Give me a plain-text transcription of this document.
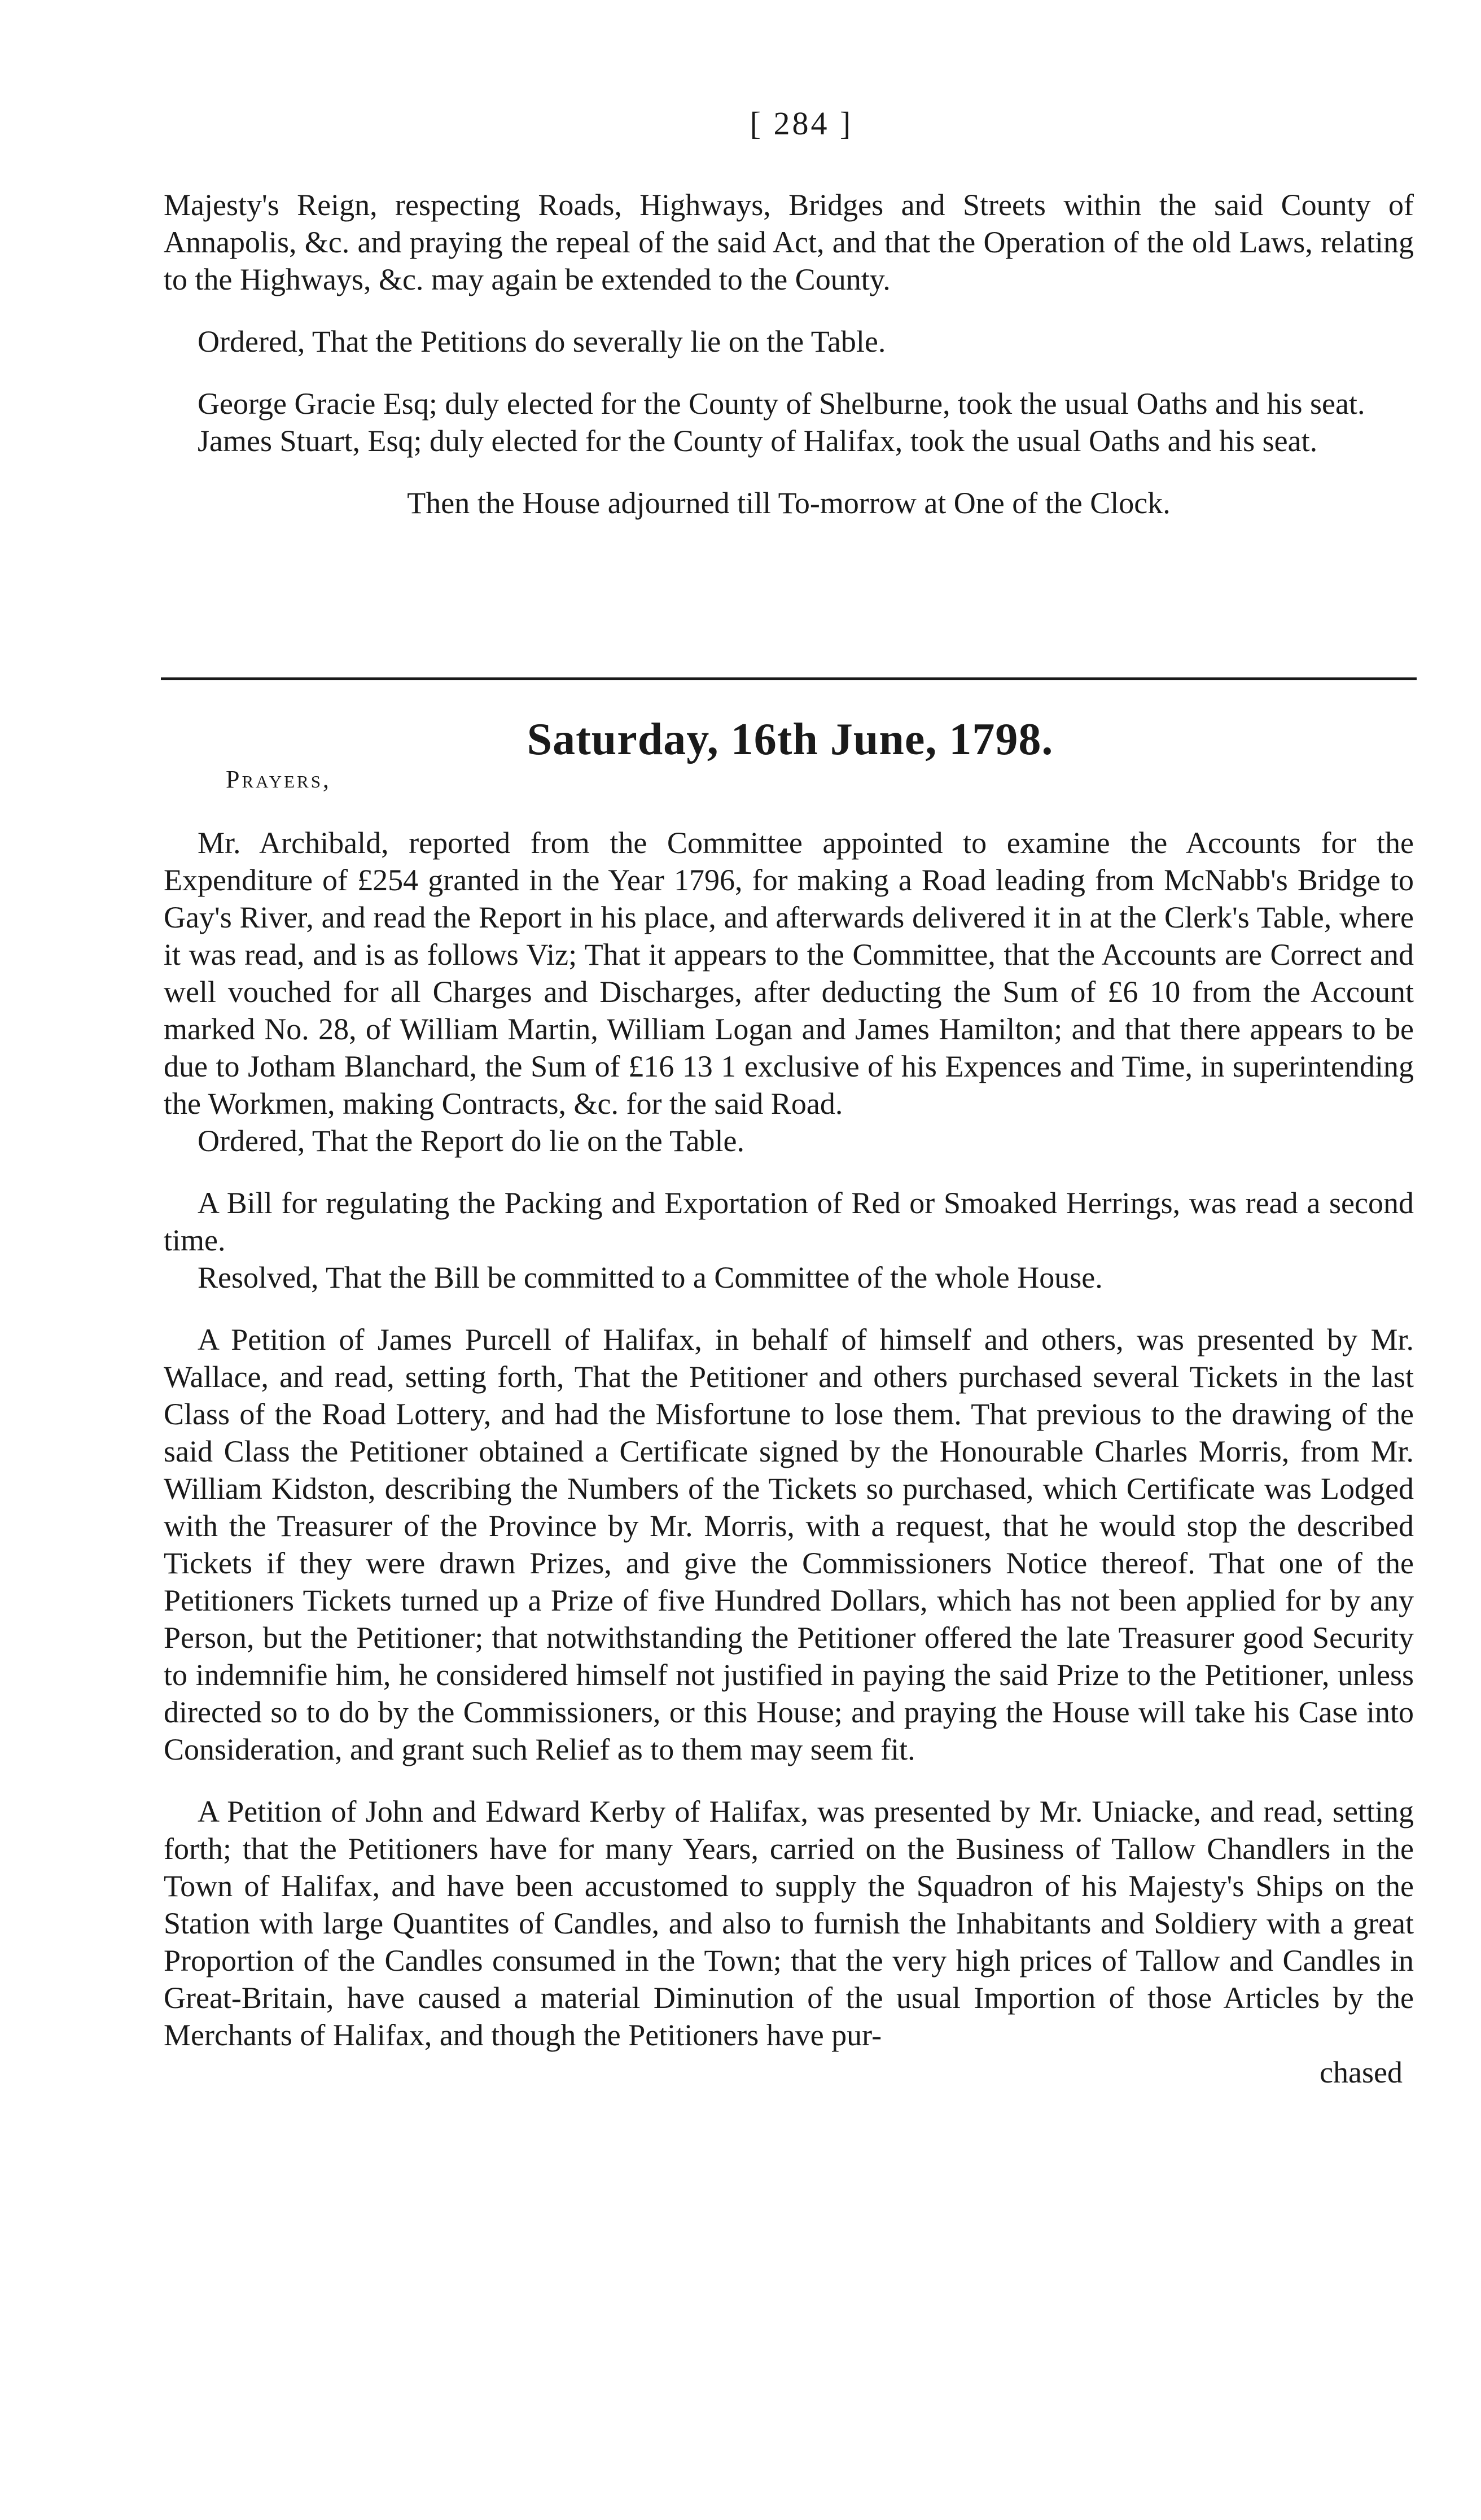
[ 284 ]

Majesty's Reign, respecting Roads, Highways, Bridges and Streets within the said County of Annapolis, &c. and praying the repeal of the said Act, and that the Operation of the old Laws, relating to the Highways, &c. may again be extended to the County.

Ordered, That the Petitions do severally lie on the Table.

George Gracie Esq; duly elected for the County of Shelburne, took the usual Oaths and his seat.

James Stuart, Esq; duly elected for the County of Halifax, took the usual Oaths and his seat.

Then the House adjourned till To-morrow at One of the Clock.

Saturday, 16th June, 1798.
Prayers,

Mr. Archibald, reported from the Committee appointed to examine the Accounts for the Expenditure of £254 granted in the Year 1796, for making a Road leading from McNabb's Bridge to Gay's River, and read the Report in his place, and afterwards delivered it in at the Clerk's Table, where it was read, and is as follows Viz; That it appears to the Committee, that the Accounts are Correct and well vouched for all Charges and Discharges, after deducting the Sum of £6 10 from the Account marked No. 28, of William Martin, William Logan and James Hamilton; and that there appears to be due to Jotham Blanchard, the Sum of £16 13 1 exclusive of his Expences and Time, in superintending the Workmen, making Contracts, &c. for the said Road.

Ordered, That the Report do lie on the Table.

A Bill for regulating the Packing and Exportation of Red or Smoaked Herrings, was read a second time.

Resolved, That the Bill be committed to a Committee of the whole House.

A Petition of James Purcell of Halifax, in behalf of himself and others, was presented by Mr. Wallace, and read, setting forth, That the Petitioner and others purchased several Tickets in the last Class of the Road Lottery, and had the Misfortune to lose them. That previous to the drawing of the said Class the Petitioner obtained a Certificate signed by the Honourable Charles Morris, from Mr. William Kidston, describing the Numbers of the Tickets so purchased, which Certificate was Lodged with the Treasurer of the Province by Mr. Morris, with a request, that he would stop the described Tickets if they were drawn Prizes, and give the Commissioners Notice thereof. That one of the Petitioners Tickets turned up a Prize of five Hundred Dollars, which has not been applied for by any Person, but the Petitioner; that notwithstanding the Petitioner offered the late Treasurer good Security to indemnifie him, he considered himself not justified in paying the said Prize to the Petitioner, unless directed so to do by the Commissioners, or this House; and praying the House will take his Case into Consideration, and grant such Relief as to them may seem fit.

A Petition of John and Edward Kerby of Halifax, was presented by Mr. Uniacke, and read, setting forth; that the Petitioners have for many Years, carried on the Business of Tallow Chandlers in the Town of Halifax, and have been accustomed to supply the Squadron of his Majesty's Ships on the Station with large Quantites of Candles, and also to furnish the Inhabitants and Soldiery with a great Proportion of the Candles consumed in the Town; that the very high prices of Tallow and Candles in Great-Britain, have caused a material Diminution of the usual Importion of those Articles by the Merchants of Halifax, and though the Petitioners have pur-

chased
